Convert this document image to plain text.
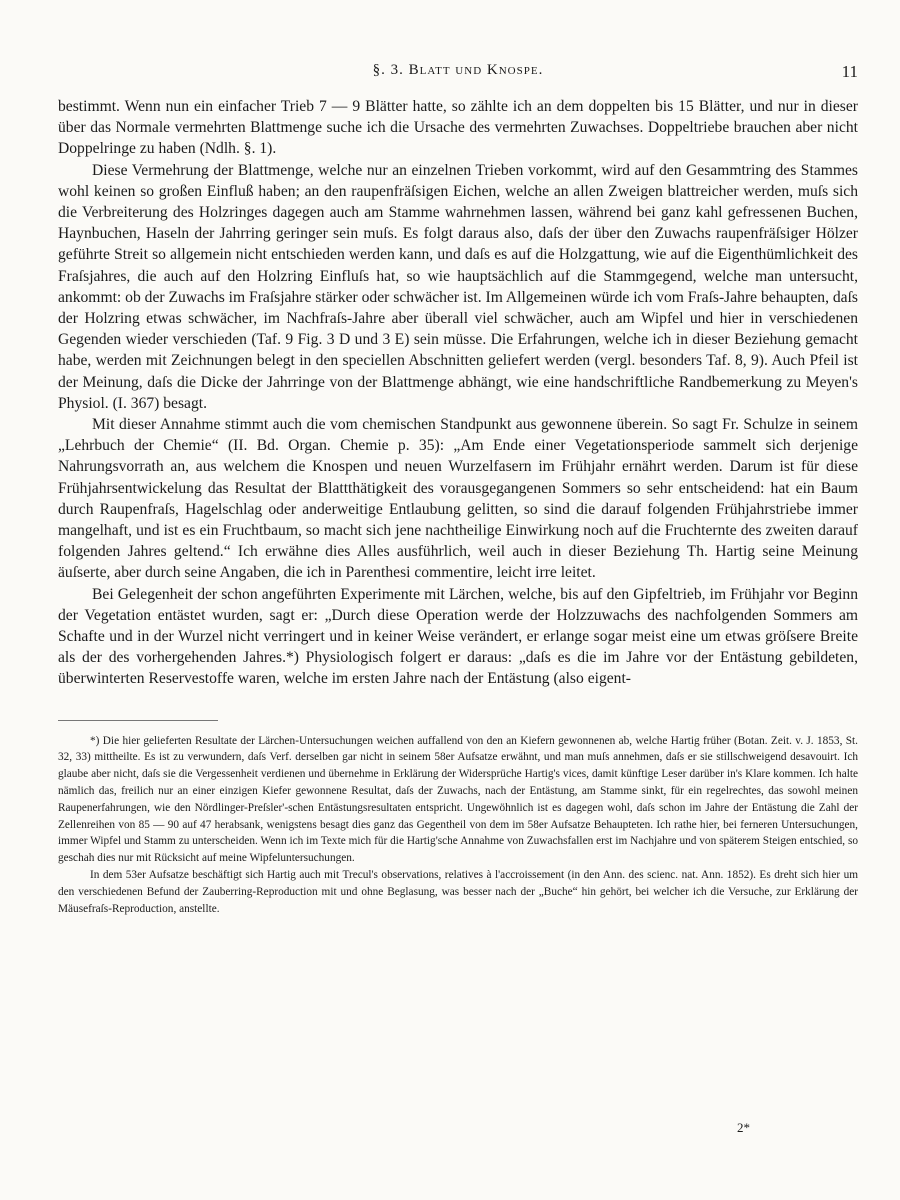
§. 3. Blatt und Knospe.	11

bestimmt. Wenn nun ein einfacher Trieb 7 — 9 Blätter hatte, so zählte ich an dem doppelten bis 15 Blätter, und nur in dieser über das Normale vermehrten Blattmenge suche ich die Ursache des vermehrten Zuwachses. Doppeltriebe brauchen aber nicht Doppelringe zu haben (Ndlh. §. 1).

Diese Vermehrung der Blattmenge, welche nur an einzelnen Trieben vorkommt, wird auf den Gesammtring des Stammes wohl keinen so großen Einfluß haben; an den raupenfräſsigen Eichen, welche an allen Zweigen blattreicher werden, muſs sich die Verbreiterung des Holzringes dagegen auch am Stamme wahrnehmen lassen, während bei ganz kahl gefressenen Buchen, Haynbuchen, Haseln der Jahrring geringer sein muſs. Es folgt daraus also, daſs der über den Zuwachs raupenfräſsiger Hölzer geführte Streit so allgemein nicht entschieden werden kann, und daſs es auf die Holzgattung, wie auf die Eigenthümlichkeit des Fraſsjahres, die auch auf den Holzring Einfluſs hat, so wie hauptsächlich auf die Stammgegend, welche man untersucht, ankommt: ob der Zuwachs im Fraſsjahre stärker oder schwächer ist. Im Allgemeinen würde ich vom Fraſs-Jahre behaupten, daſs der Holzring etwas schwächer, im Nachfraſs-Jahre aber überall viel schwächer, auch am Wipfel und hier in verschiedenen Gegenden wieder verschieden (Taf. 9 Fig. 3 D und 3 E) sein müsse. Die Erfahrungen, welche ich in dieser Beziehung gemacht habe, werden mit Zeichnungen belegt in den speciellen Abschnitten geliefert werden (vergl. besonders Taf. 8, 9). Auch Pfeil ist der Meinung, daſs die Dicke der Jahrringe von der Blattmenge abhängt, wie eine handschriftliche Randbemerkung zu Meyen's Physiol. (I. 367) besagt.

Mit dieser Annahme stimmt auch die vom chemischen Standpunkt aus gewonnene überein. So sagt Fr. Schulze in seinem „Lehrbuch der Chemie“ (II. Bd. Organ. Chemie p. 35): „Am Ende einer Vegetationsperiode sammelt sich derjenige Nahrungsvorrath an, aus welchem die Knospen und neuen Wurzelfasern im Frühjahr ernährt werden. Darum ist für diese Frühjahrsentwickelung das Resultat der Blattthätigkeit des vorausgegangenen Sommers so sehr entscheidend: hat ein Baum durch Raupenfraſs, Hagelschlag oder anderweitige Entlaubung gelitten, so sind die darauf folgenden Frühjahrstriebe immer mangelhaft, und ist es ein Fruchtbaum, so macht sich jene nachtheilige Einwirkung noch auf die Fruchternte des zweiten darauf folgenden Jahres geltend.“ Ich erwähne dies Alles ausführlich, weil auch in dieser Beziehung Th. Hartig seine Meinung äuſserte, aber durch seine Angaben, die ich in Parenthesi commentire, leicht irre leitet.

Bei Gelegenheit der schon angeführten Experimente mit Lärchen, welche, bis auf den Gipfeltrieb, im Frühjahr vor Beginn der Vegetation entästet wurden, sagt er: „Durch diese Operation werde der Holzzuwachs des nachfolgenden Sommers am Schafte und in der Wurzel nicht verringert und in keiner Weise verändert, er erlange sogar meist eine um etwas gröſsere Breite als der des vorhergehenden Jahres.*) Physiologisch folgert er daraus: „daſs es die im Jahre vor der Entästung gebildeten, überwinterten Reservestoffe waren, welche im ersten Jahre nach der Entästung (also eigent-

*) Die hier gelieferten Resultate der Lärchen-Untersuchungen weichen auffallend von den an Kiefern gewonnenen ab, welche Hartig früher (Botan. Zeit. v. J. 1853, St. 32, 33) mittheilte. Es ist zu verwundern, daſs Verf. derselben gar nicht in seinem 58er Aufsatze erwähnt, und man muſs annehmen, daſs er sie stillschweigend desavouirt. Ich glaube aber nicht, daſs sie die Vergessenheit verdienen und übernehme in Erklärung der Widersprüche Hartig's vices, damit künftige Leser darüber in's Klare kommen. Ich halte nämlich das, freilich nur an einer einzigen Kiefer gewonnene Resultat, daſs der Zuwachs, nach der Entästung, am Stamme sinkt, für ein regelrechtes, das sowohl meinen Raupenerfahrungen, wie den Nördlinger-Preſsler'-schen Entästungsresultaten entspricht. Ungewöhnlich ist es dagegen wohl, daſs schon im Jahre der Entästung die Zahl der Zellenreihen von 85 — 90 auf 47 herabsank, wenigstens besagt dies ganz das Gegentheil von dem im 58er Aufsatze Behaupteten. Ich rathe hier, bei ferneren Untersuchungen, immer Wipfel und Stamm zu unterscheiden. Wenn ich im Texte mich für die Hartig'sche Annahme von Zuwachsfallen erst im Nachjahre und von späterem Steigen entschied, so geschah dies nur mit Rücksicht auf meine Wipfeluntersuchungen.

In dem 53er Aufsatze beschäftigt sich Hartig auch mit Trecul's observations, relatives à l'accroissement (in den Ann. des scienc. nat. Ann. 1852). Es dreht sich hier um den verschiedenen Befund der Zauberring-Reproduction mit und ohne Beglasung, was besser nach der „Buche“ hin gehört, bei welcher ich die Versuche, zur Erklärung der Mäusefraſs-Reproduction, anstellte.

2*
